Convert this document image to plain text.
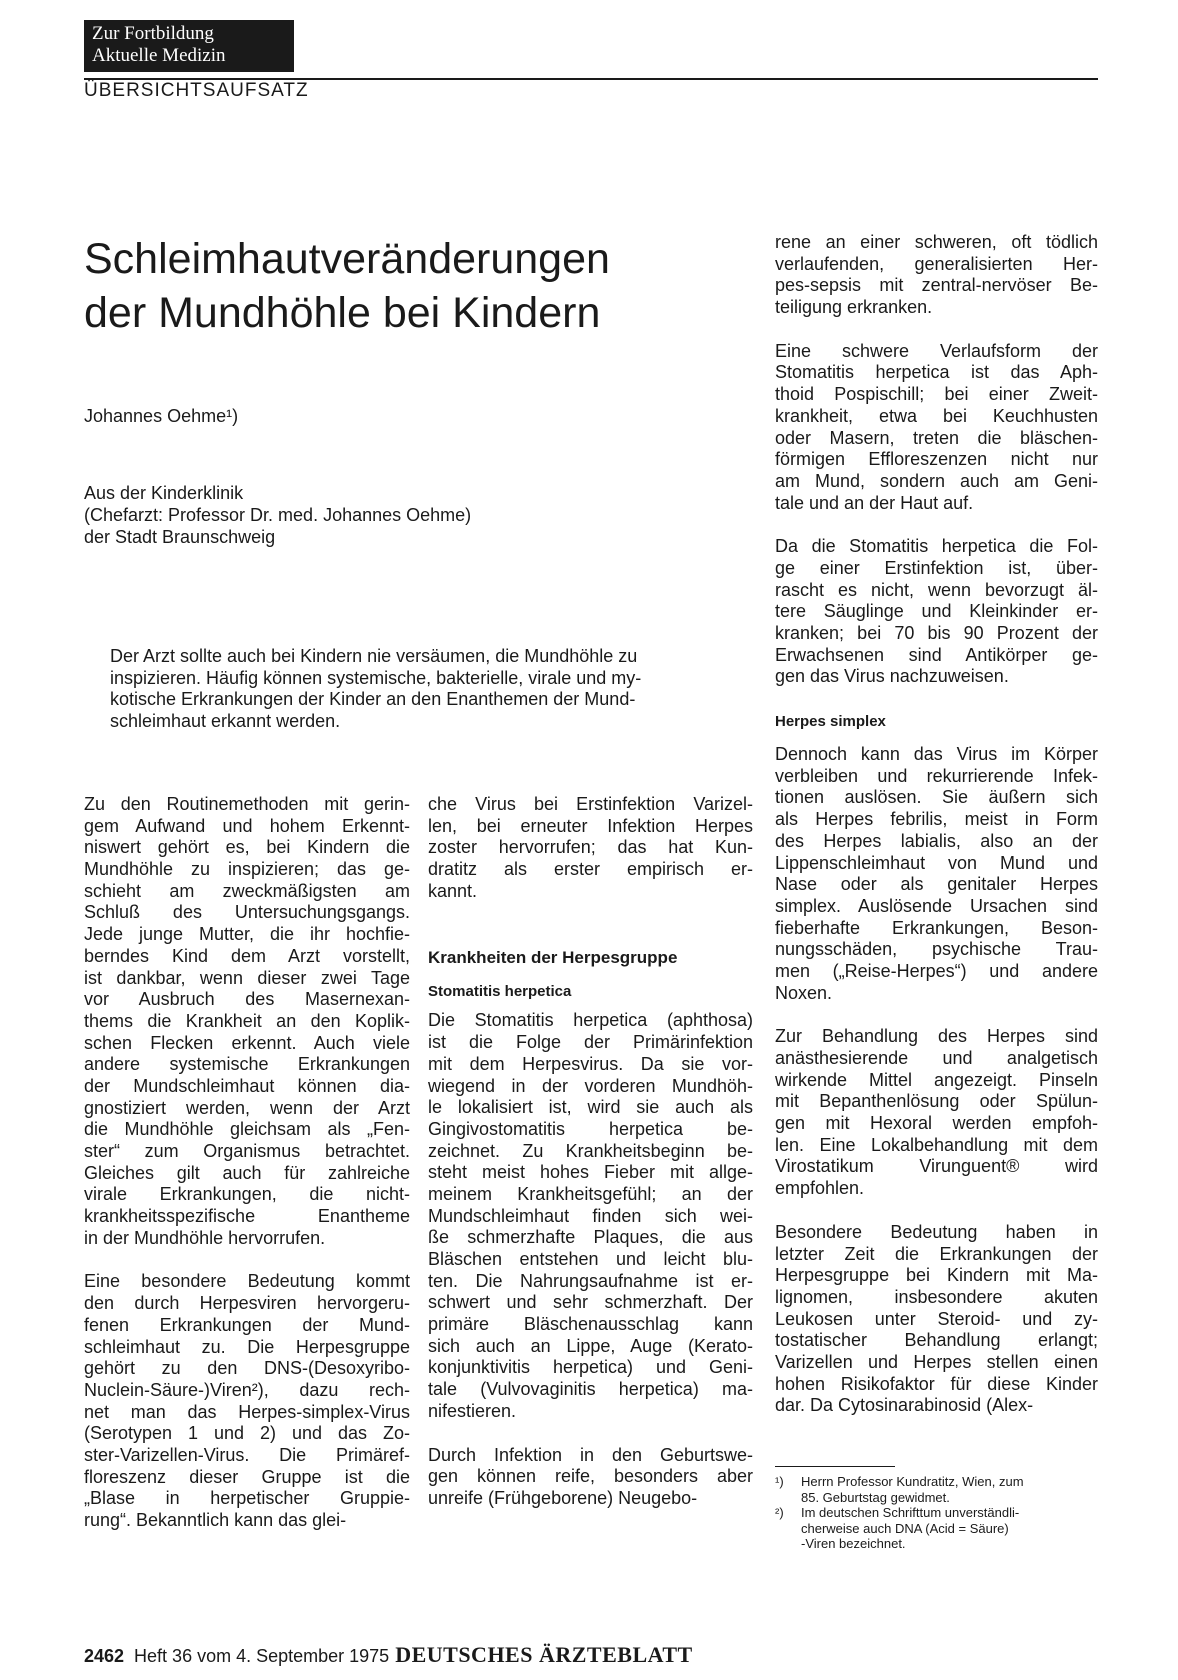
Zur Fortbildung
Aktuelle Medizin
ÜBERSICHTSAUFSATZ
Schleimhautveränderungen
der Mundhöhle bei Kindern
Johannes Oehme¹)
Aus der Kinderklinik
(Chefarzt: Professor Dr. med. Johannes Oehme)
der Stadt Braunschweig
Der Arzt sollte auch bei Kindern nie versäumen, die Mundhöhle zu
inspizieren. Häufig können systemische, bakterielle, virale und my-
kotische Erkrankungen der Kinder an den Enanthemen der Mund-
schleimhaut erkannt werden.
Zu den Routinemethoden mit gerin-
gem Aufwand und hohem Erkennt-
niswert gehört es, bei Kindern die
Mundhöhle zu inspizieren; das ge-
schieht am zweckmäßigsten am
Schluß des Untersuchungsgangs.
Jede junge Mutter, die ihr hochfie-
berndes Kind dem Arzt vorstellt,
ist dankbar, wenn dieser zwei Tage
vor Ausbruch des Masernexan-
thems die Krankheit an den Koplik-
schen Flecken erkennt. Auch viele
andere systemische Erkrankungen
der Mundschleimhaut können dia-
gnostiziert werden, wenn der Arzt
die Mundhöhle gleichsam als „Fen-
ster“ zum Organismus betrachtet.
Gleiches gilt auch für zahlreiche
virale Erkrankungen, die nicht-
krankheitsspezifische Enantheme
in der Mundhöhle hervorrufen.
Eine besondere Bedeutung kommt
den durch Herpesviren hervorgeru-
fenen Erkrankungen der Mund-
schleimhaut zu. Die Herpesgruppe
gehört zu den DNS-(Desoxyribo-
Nuclein-Säure-)Viren²), dazu rech-
net man das Herpes-simplex-Virus
(Serotypen 1 und 2) und das Zo-
ster-Varizellen-Virus. Die Primäref-
floreszenz dieser Gruppe ist die
„Blase in herpetischer Gruppie-
rung“. Bekanntlich kann das glei-
che Virus bei Erstinfektion Varizel-
len, bei erneuter Infektion Herpes
zoster hervorrufen; das hat Kun-
dratitz als erster empirisch er-
kannt.
Krankheiten der Herpesgruppe
Stomatitis herpetica
Die Stomatitis herpetica (aphthosa)
ist die Folge der Primärinfektion
mit dem Herpesvirus. Da sie vor-
wiegend in der vorderen Mundhöh-
le lokalisiert ist, wird sie auch als
Gingivostomatitis herpetica be-
zeichnet. Zu Krankheitsbeginn be-
steht meist hohes Fieber mit allge-
meinem Krankheitsgefühl; an der
Mundschleimhaut finden sich wei-
ße schmerzhafte Plaques, die aus
Bläschen entstehen und leicht blu-
ten. Die Nahrungsaufnahme ist er-
schwert und sehr schmerzhaft. Der
primäre Bläschenausschlag kann
sich auch an Lippe, Auge (Kerato-
konjunktivitis herpetica) und Geni-
tale (Vulvovaginitis herpetica) ma-
nifestieren.
Durch Infektion in den Geburtswe-
gen können reife, besonders aber
unreife (Frühgeborene) Neugebo-
rene an einer schweren, oft tödlich
verlaufenden, generalisierten Her-
pes-sepsis mit zentral-nervöser Be-
teiligung erkranken.
Eine schwere Verlaufsform der
Stomatitis herpetica ist das Aph-
thoid Pospischill; bei einer Zweit-
krankheit, etwa bei Keuchhusten
oder Masern, treten die bläschen-
förmigen Effloreszenzen nicht nur
am Mund, sondern auch am Geni-
tale und an der Haut auf.
Da die Stomatitis herpetica die Fol-
ge einer Erstinfektion ist, über-
rascht es nicht, wenn bevorzugt äl-
tere Säuglinge und Kleinkinder er-
kranken; bei 70 bis 90 Prozent der
Erwachsenen sind Antikörper ge-
gen das Virus nachzuweisen.
Herpes simplex
Dennoch kann das Virus im Körper
verbleiben und rekurrierende Infek-
tionen auslösen. Sie äußern sich
als Herpes febrilis, meist in Form
des Herpes labialis, also an der
Lippenschleimhaut von Mund und
Nase oder als genitaler Herpes
simplex. Auslösende Ursachen sind
fieberhafte Erkrankungen, Beson-
nungsschäden, psychische Trau-
men („Reise-Herpes“) und andere
Noxen.
Zur Behandlung des Herpes sind
anästhesierende und analgetisch
wirkende Mittel angezeigt. Pinseln
mit Bepanthenlösung oder Spülun-
gen mit Hexoral werden empfoh-
len. Eine Lokalbehandlung mit dem
Virostatikum Virunguent® wird
empfohlen.
Besondere Bedeutung haben in
letzter Zeit die Erkrankungen der
Herpesgruppe bei Kindern mit Ma-
lignomen, insbesondere akuten
Leukosen unter Steroid- und zy-
tostatischer Behandlung erlangt;
Varizellen und Herpes stellen einen
hohen Risikofaktor für diese Kinder
dar. Da Cytosinarabinosid (Alex-
¹)	Herrn Professor Kundratitz, Wien, zum
85. Geburtstag gewidmet.
²)	Im deutschen Schrifttum unverständli-
cherweise auch DNA (Acid = Säure)
-Viren bezeichnet.
2462 Heft 36 vom 4. September 1975 DEUTSCHES ÄRZTEBLATT
